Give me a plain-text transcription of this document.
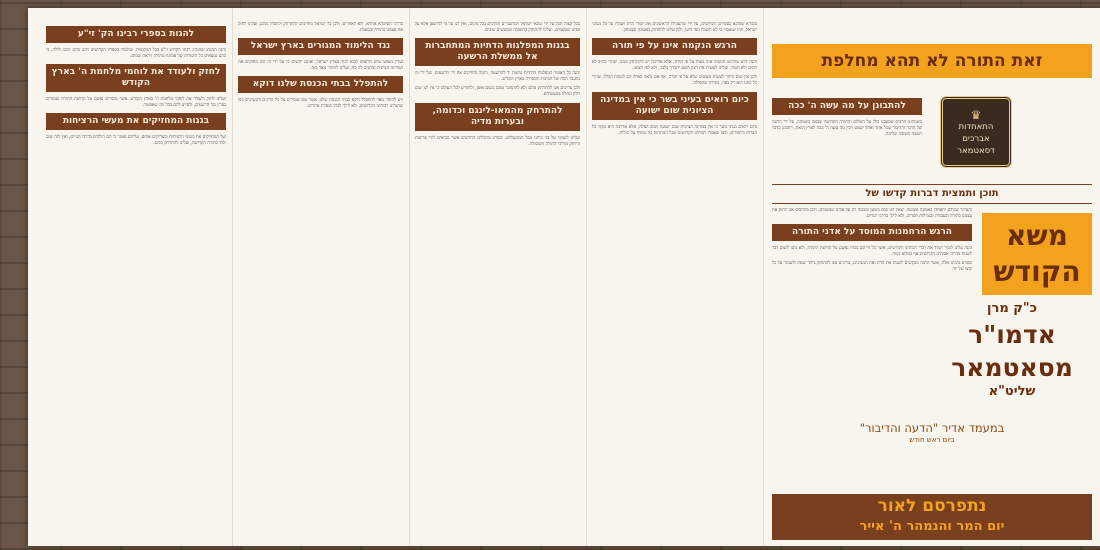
זאת התורה לא תהא מחלפת
♛
התאחדות
אברכים
דסאטמאר
תוכן ותמצית דברות קדשו של
משא
הקודש
כ"ק מרן
אדמו"ר
מסאטמאר
שליט"א
במעמד אדיר "הדעה והדיבור"
ביום ראש חודש
נתפרסם לאור
יום המר והנמהר ה' אייר
להתבונן על מה עשה ה' ככה

בשנותינו הרבים שמצבנו כולו על השלום והתורה הקדושה שבאה בשמחה, על ידי הדעה של הדבר והדיבור שכל אחד ואחד ישמע ויבין מה עשה ה' ככה לארץ הזאת, ויתבונן בדבר ויעשה תשובה שלימה.

והעיקר שכולם יתאחדו באמונה פשוטה, שאין לנו שום משען ומבטח רק על אבינו שבשמים, ולכן מחויבים אנו לחזק את עצמנו בתורה ובעבודה ובגמילות חסדים, ולא לילך בדרכי הגויים.

הרגש הרחמנות המוסד על אדני התורה

והנה עלינו לזכור תמיד את דברי רבותינו הקדושים, אשר כל חייהם מסרו נפשם על קדושת התורה, ולא נתנו לשום דבר לשנות מדרכי אבותינו הקדושים אף כמלוא נימה.

ובפרט בימינו אלה, אשר הרבה מבקשים לשנות את הדת ואת המנהגים, צריכים אנו להתחזק ביתר שאת ולשמור על כל קוצו של יוד.

בגמרא שהובא בספרים הקדושים, על ידי שהעמידו הראשונים את יסודי הדת ושמרו על כל מנהגי ישראל, וזהו שנאמר כי לא תשכח מפי זרעו, ולכן עלינו להתחזק באמונה ובבטחון.

הרגש הנקמה אינו על פי תורה

והנה ידוע שהרגש הנקמה אינו מצוה על פי תורה, אלא אדרבה יש להתרחק ממנו, שהרי כתיב לא תקום ולא תטור, ועלינו לעשות את רצון השם יתברך בלבד, ולא לפי רצוננו.

ולכן אין שום היתר לעשות מעשים שלא על פי תורה, אף אם נראה כאילו הם לטובת הכלל, שהרי כל כחנו הוא רק בפה, בתורה ובתפילה.

כיום רואים בעיני בשר כי אין במדינה הציונית שום ישועה

כיום רואים בעיני בשר כי אין במדינה הציונית שום ישועה ושום הצלה, אלא אדרבה היא מקור כל הצרות והיסורים, וכמו שאמרו רבותינו הקדושים שכל המתחזק בה מוסיף על הגלות.

בכל קצות תבל על ידי שונאי ישראל המתגברים והולכים בכל מקום, ואין לנו על מי להישען אלא על אבינו שבשמים, ועלינו להתחזק בתשובה ובמעשים טובים.

בגנות המפלגות הדתיות המתחברות אל ממשלת הרשעה

והנה כל האומר המפלגות הדתיות נותנות יד להרשעה, והמה מחזיקים את ידי הרשעים, ועל ידי זה מתגבר הכח של המינות והכפירה בארץ הקודש.

ולכן צריכים אנו להתרחק מהם ולא להתחבר עמם בשום אופן, ולהודיע לכל העולם כי אין לנו שום חלק ונחלה במעשיהם.

להתרחק מהמאו-לינגם וכדומה, ובערות מדיה

ועלינו לשמור על בני ביתנו מכל המכשולים, ובפרט מהכלים החדשים אשר מביאים לידי פריצות וריחוק מדרכי התורה והמסורה.

בדרכי הסיטרא אחרא, ולא לאחרים, ולכן כל ישראל מחויבים להתרחק ולהבדל מהם, ועלינו לחזק את עצמנו בתורה ובמצוות.

נגד הלימוד המגורים בארץ ישראל

ועדין נשמע שיש הרוצים לבוא לגור בארץ ישראל, ואינם יודעים כי על ידי זה הם מחזקים את המדינה הציונית ונותנים לה כח, ועלינו להזהר מאד בזה.

להתפלל בבתי הכנסת שלנו דוקא

ויש להזהר מאד להתפלל דוקא בבתי הכנסת שלנו, אשר שם שומרים על כל הדינים והמנהגים כפי שהנהיגו רבותינו הקדושים, ולא לילך לבתי כנסיות אחרים.

להגות בספרי רבינו הק' זי"ע

והנה המנהג שהנהיג רבינו הקדוש זי"ע בכל המקומות, שילמדו בספריו הקדושים ויהגו בהם יומם ולילה, כי בהם נמצאים כל היסודות של אמונה טהורה ויראת שמים.

לחזק ולעודד את לוחמי מלחמת ה' בארץ הקודש

ועלינו לחזק ולעודד את לוחמי מלחמת ה' בארץ הקודש, אשר מוסרים נפשם על קדושת התורה ועומדים בפרץ נגד הרשעים, ולסייע להם בכל מה שאפשר.

בגנות המחזיקים את מעשי הרציחות

ועל המחזיקים את מעשי הרציחות ומצדיקים אותם, עליהם נאמר כי הם הולכים בדרכי הגויים, ואין לזה שום יסוד בתורה הקדושה, ועלינו להתרחק מהם.
